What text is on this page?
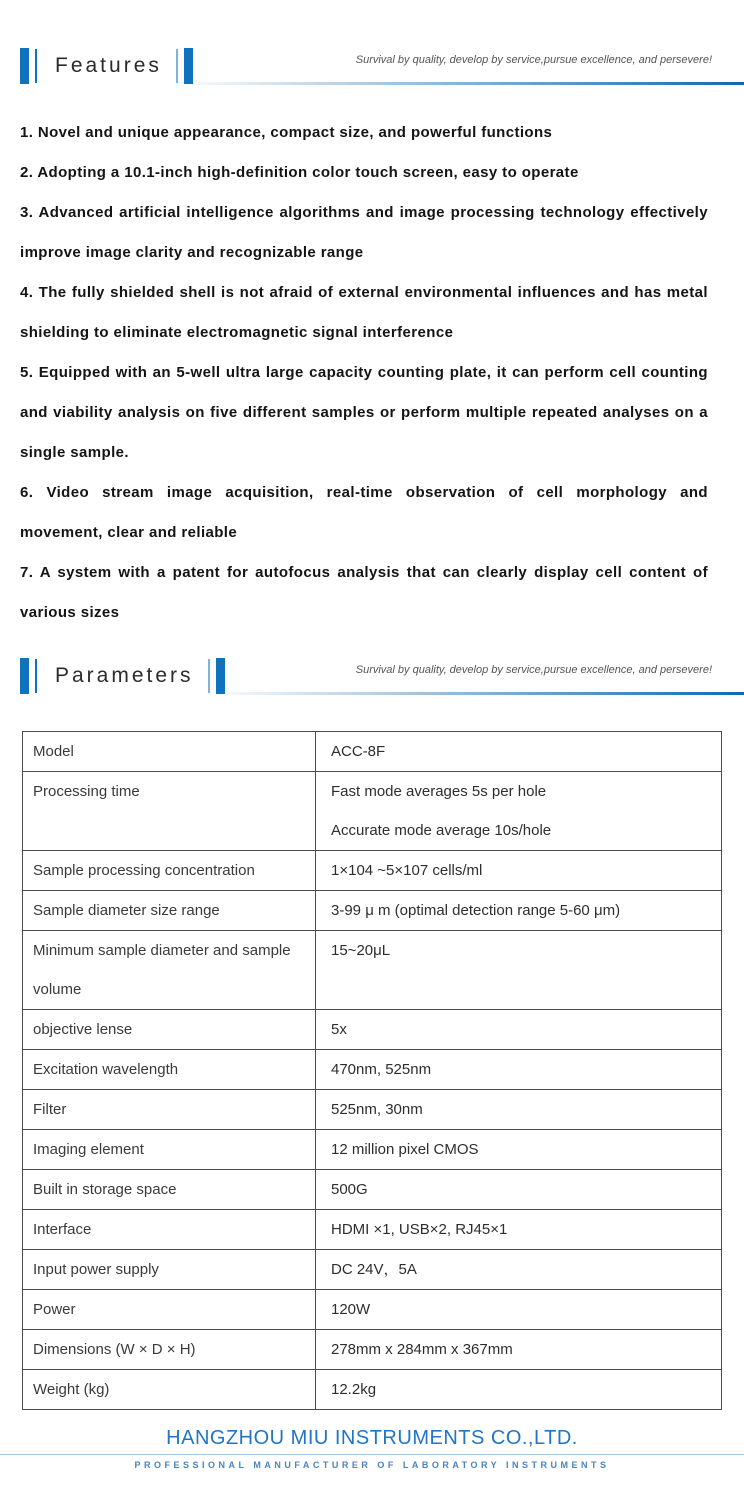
Features	Survival by quality, develop by service,pursue excellence, and persevere!

1. Novel and unique appearance, compact size, and powerful functions

2. Adopting a 10.1-inch high-definition color touch screen, easy to operate

3. Advanced artificial intelligence algorithms and image processing technology effectively improve image clarity and recognizable range

4. The fully shielded shell is not afraid of external environmental influences and has metal shielding to eliminate electromagnetic signal interference

5. Equipped with an 5-well ultra large capacity counting plate, it can perform cell counting and viability analysis on five different samples or perform multiple repeated analyses on a single sample.

6. Video stream image acquisition, real-time observation of cell morphology and movement, clear and reliable

7. A system with a patent for autofocus analysis that can clearly display cell content of various sizes

Parameters	Survival by quality, develop by service,pursue excellence, and persevere!
Model	ACC-8F

Processing time	Fast mode averages 5s per hole
Accurate mode average 10s/hole

Sample processing concentration	1×104 ~5×107 cells/ml

Sample diameter size range	3-99 μ m (optimal detection range 5-60 μm)

Minimum sample diameter and sample volume	15~20μL

objective lense	5x

Excitation wavelength	470nm, 525nm

Filter	525nm, 30nm

Imaging element	12 million pixel CMOS

Built in storage space	500G

Interface	HDMI ×1, USB×2, RJ45×1

Input power supply	DC 24V，5A

Power	120W

Dimensions (W × D × H)	278mm x 284mm x 367mm

Weight (kg)	12.2kg
HANGZHOU MIU INSTRUMENTS CO.,LTD.
PROFESSIONAL MANUFACTURER OF LABORATORY INSTRUMENTS
